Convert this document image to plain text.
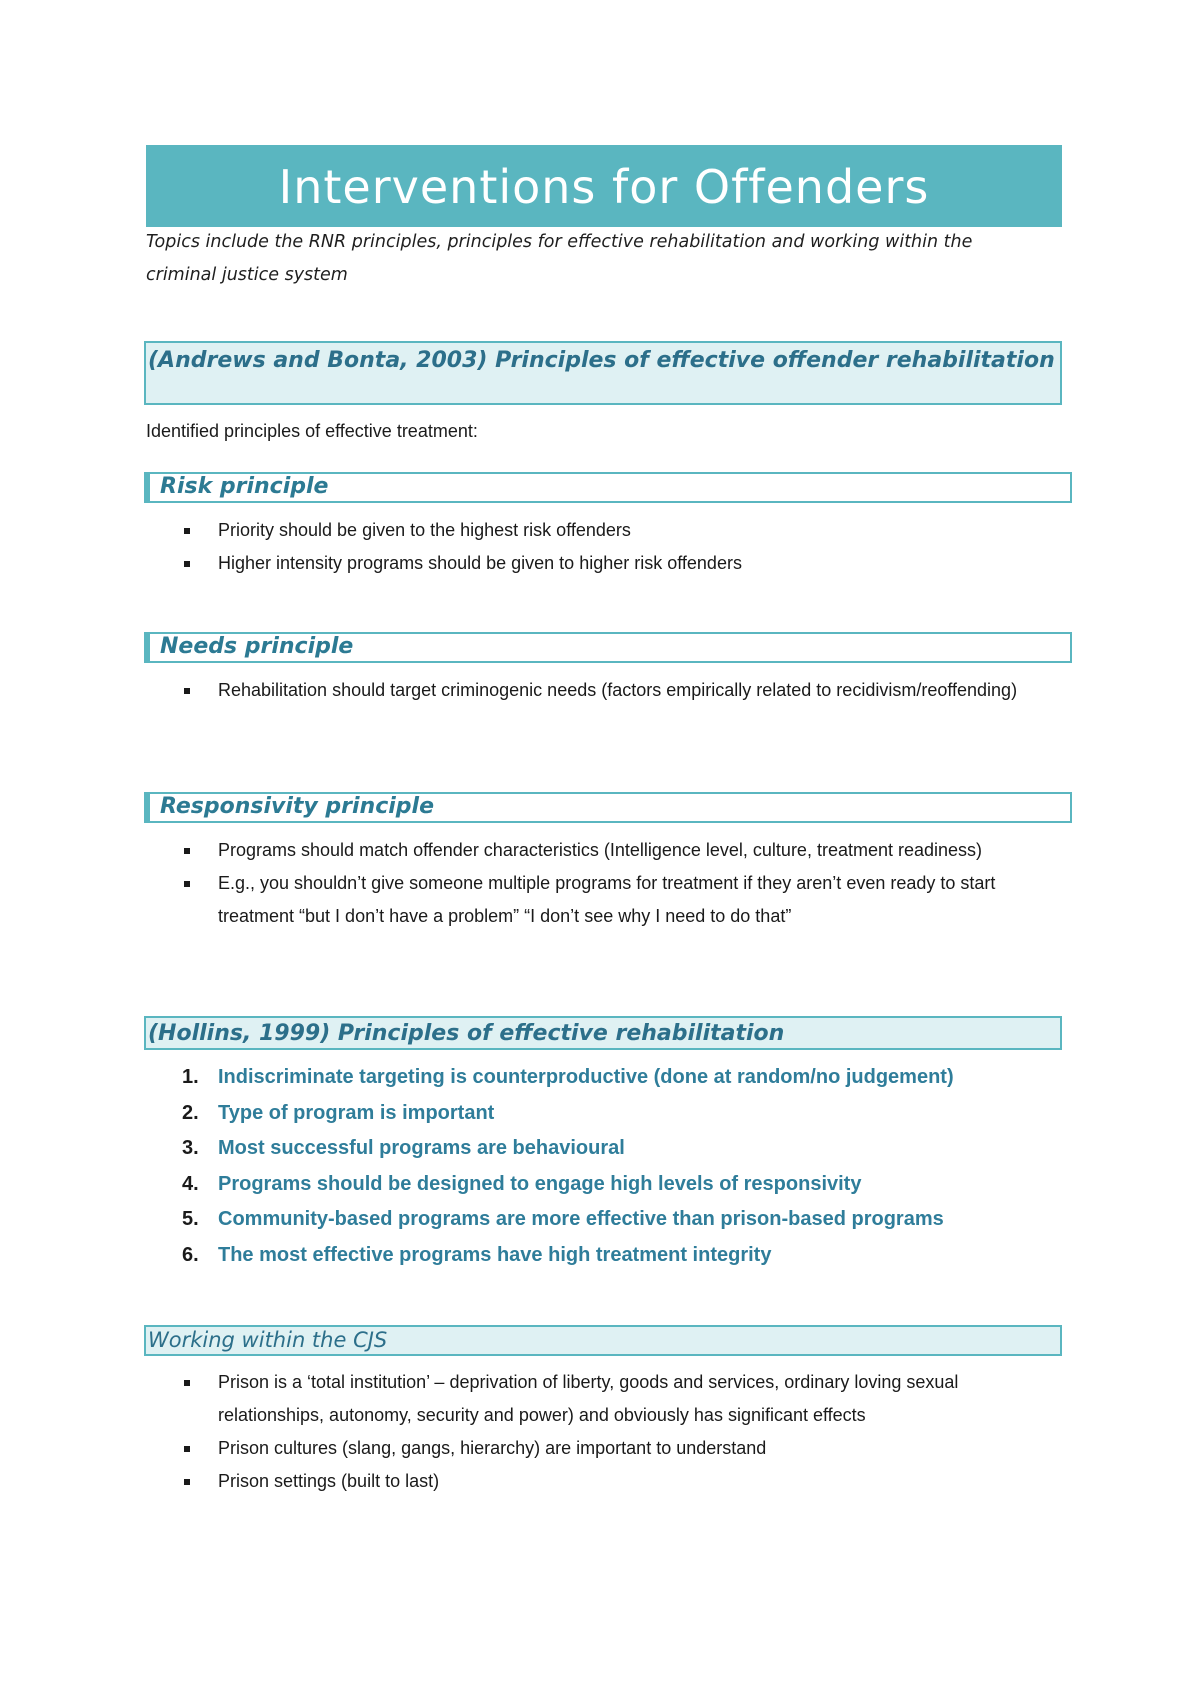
Interventions for Offenders
Topics include the RNR principles, principles for effective rehabilitation and working within the criminal justice system
(Andrews and Bonta, 2003) Principles of effective offender rehabilitation
Identified principles of effective treatment:
Risk principle
Priority should be given to the highest risk offenders
Higher intensity programs should be given to higher risk offenders
Needs principle
Rehabilitation should target criminogenic needs (factors empirically related to recidivism/reoffending)
Responsivity principle
Programs should match offender characteristics (Intelligence level, culture, treatment readiness)
E.g., you shouldn’t give someone multiple programs for treatment if they aren’t even ready to start treatment “but I don’t have a problem” “I don’t see why I need to do that”
(Hollins, 1999) Principles of effective rehabilitation
1. Indiscriminate targeting is counterproductive (done at random/no judgement)
2. Type of program is important
3. Most successful programs are behavioural
4. Programs should be designed to engage high levels of responsivity
5. Community-based programs are more effective than prison-based programs
6. The most effective programs have high treatment integrity
Working within the CJS
Prison is a ‘total institution’ – deprivation of liberty, goods and services, ordinary loving sexual relationships, autonomy, security and power) and obviously has significant effects
Prison cultures (slang, gangs, hierarchy) are important to understand
Prison settings (built to last)
